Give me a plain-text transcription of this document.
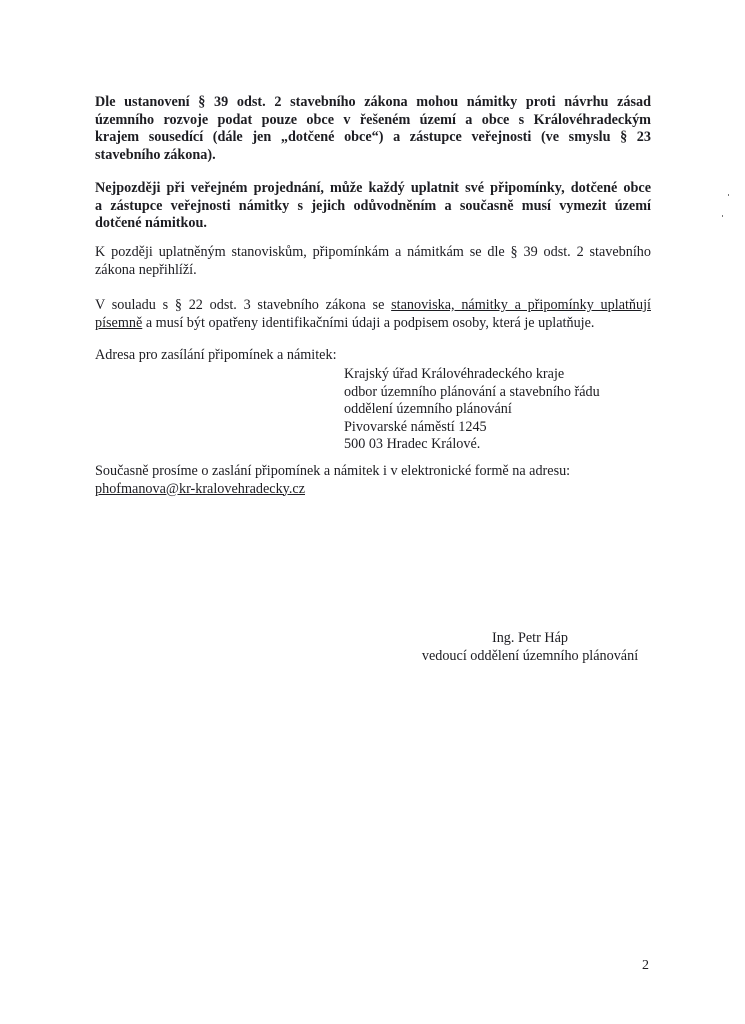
Dle ustanovení § 39 odst. 2 stavebního zákona mohou námitky proti návrhu zásad
územního rozvoje podat pouze obce v řešeném území a obce s Královéhradeckým
krajem sousedící (dále jen „dotčené obce“) a zástupce veřejnosti (ve smyslu § 23
stavebního zákona).
Nejpozději při veřejném projednání, může každý uplatnit své připomínky, dotčené obce
a zástupce veřejnosti námitky s jejich odůvodněním a současně musí vymezit území
dotčené námitkou.
K později uplatněným stanoviskům, připomínkám a námitkám se dle § 39 odst. 2 stavebního
zákona nepřihlíží.
V souladu s § 22 odst. 3 stavebního zákona se stanoviska, námitky a připomínky uplatňují
písemně a musí být opatřeny identifikačními údaji a podpisem osoby, která je uplatňuje.
Adresa pro zasílání připomínek a námitek:
Krajský úřad Královéhradeckého kraje
odbor územního plánování a stavebního řádu
oddělení územního plánování
Pivovarské náměstí 1245
500 03 Hradec Králové.
Současně prosíme o zaslání připomínek a námitek i v elektronické formě na adresu:
phofmanova@kr-kralovehradecky.cz
Ing. Petr Háp
vedoucí oddělení územního plánování
2
